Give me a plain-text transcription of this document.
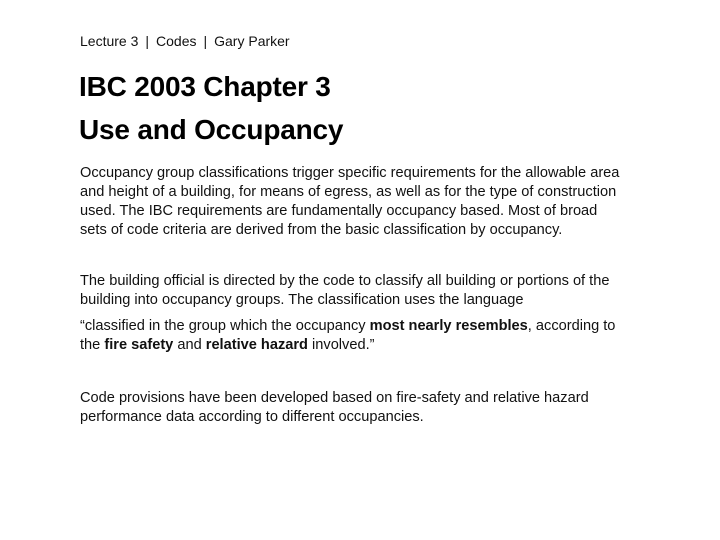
Lecture 3 | Codes | Gary Parker
IBC 2003 Chapter 3
Use and Occupancy
Occupancy group classifications trigger specific requirements for the allowable area
and height of a building, for means of egress, as well as for the type of construction
used. The IBC requirements are fundamentally occupancy based. Most of broad
sets of code criteria are derived from the basic classification by occupancy.
The building official is directed by the code to classify all building or portions of the
building into occupancy groups. The classification uses the language
“classified in the group which the occupancy most nearly resembles, according to
the fire safety and relative hazard involved.”
Code provisions have been developed based on fire-safety and relative hazard
performance data according to different occupancies.
